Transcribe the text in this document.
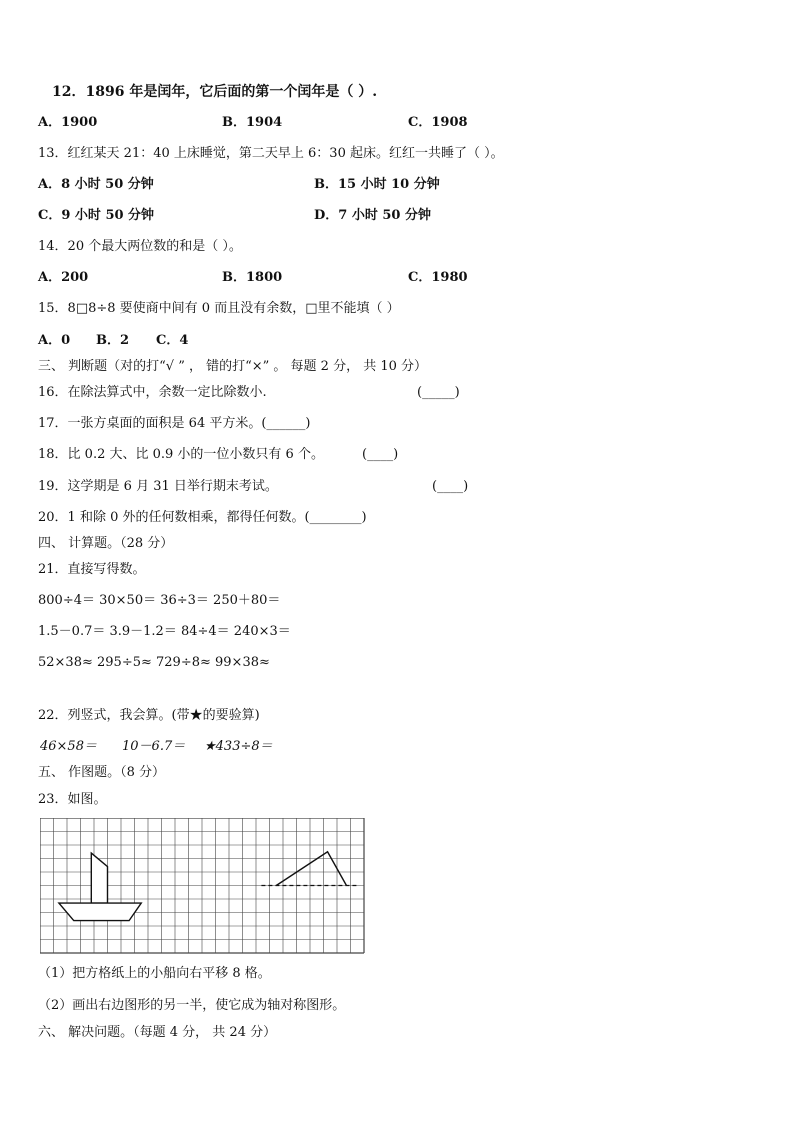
12．1896 年是闰年，它后面的第一个闰年是（ ）.
A．1900	B．1904	C．1908
13．红红某天 21：40 上床睡觉，第二天早上 6：30 起床。红红一共睡了（ ）。
A．8 小时 50 分钟	B．15 小时 10 分钟
C．9 小时 50 分钟	D．7 小时 50 分钟
14．20 个最大两位数的和是（ ）。
A．200	B．1800	C．1980
15．8□8÷8 要使商中间有 0 而且没有余数，□里不能填（ ）
A．0 B．2 C．4
三、 判断题（对的打“√ ” ， 错的打“×” 。 每题 2 分， 共 10 分）
16．在除法算式中，余数一定比除数小.	(_____)
17．一张方桌面的面积是 64 平方米。(______)
18．比 0.2 大、比 0.9 小的一位小数只有 6 个。	(____)
19．这学期是 6 月 31 日举行期末考试。	(____)
20．1 和除 0 外的任何数相乘，都得任何数。(________)
四、 计算题。（28 分）
21．直接写得数。
800÷4＝ 30×50＝ 36÷3＝ 250＋80＝
1.5－0.7＝ 3.9－1.2＝ 84÷4＝ 240×3＝
52×38≈ 295÷5≈ 729÷8≈ 99×38≈
22．列竖式，我会算。(带★的要验算)
46×58＝ 10－6.7＝ ★433÷8＝
五、 作图题。（8 分）
23．如图。
（1）把方格纸上的小船向右平移 8 格。
（2）画出右边图形的另一半，使它成为轴对称图形。
六、 解决问题。（每题 4 分， 共 24 分）
